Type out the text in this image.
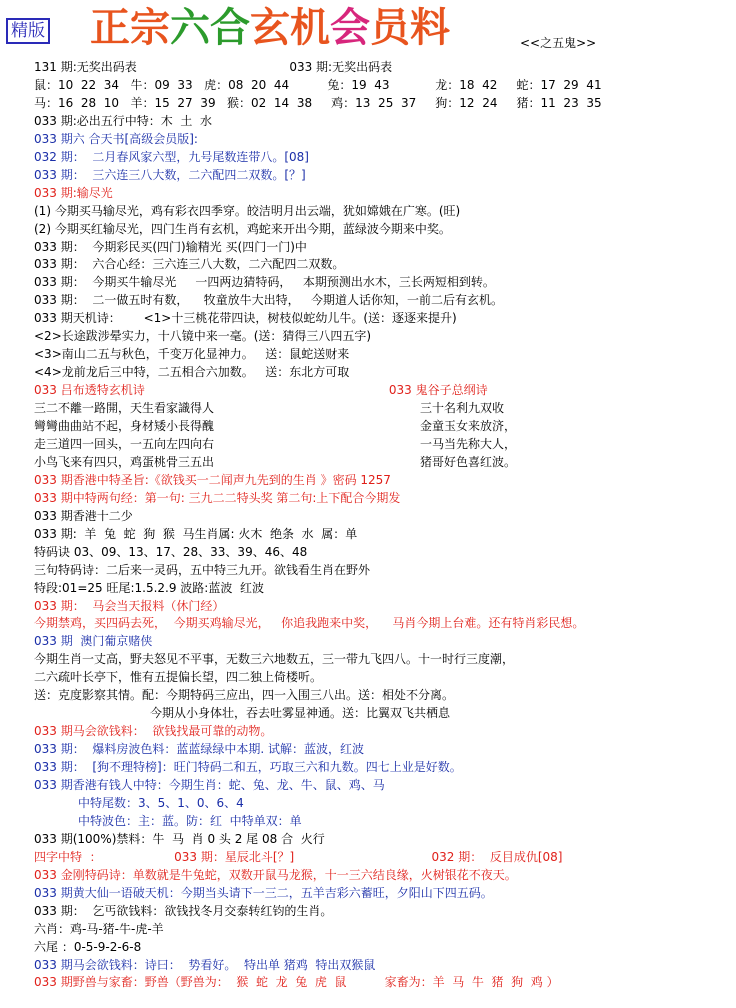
精版 正宗六合玄机会员料	<<之五鬼>>
131 期:无奖出码表                                        033 期:无奖出码表
鼠：10  22  34   牛：09  33   虎：08  20  44          兔：19  43            龙：18  42     蛇：17  29  41
马：16  28  10   羊：15  27  39   猴：02  14  38     鸡：13  25  37     狗：12  24     猪：11  23  35
033 期:必出五行中特：木  土  水
033 期六 合天书[高级会员版]:
032 期：  二月春风家六型，九号尾数连带八。[08]
033 期：  三六连三八大数，二六配四二双数。[？]
033 期:输尽光
(1) 今期买马输尽光，鸡有彩衣四季穿。皎洁明月出云端，犹如嫦娥在广寒。(旺)
(2) 今期买红输尽光，四门生肖有玄机，鸡蛇来开出今期，蓝绿波今期来中奖。
033 期：  今期彩民买(四门)输精光 买(四门一门)中
033 期：  六合心经：三六连三八大数，二六配四二双数。
033 期：  今期买牛输尽光     一四两边猜特码，   本期预测出水木，三长两短相到转。
033 期：  二一做五时有数，    牧童放牛大出特，   今期道人话你知，一前二后有玄机。
033 期天机诗：      <1>十三桃花带四诀，树枝似蛇幼儿牛。(送：逐逐来提升)
<2>长途跋涉晕实力，十八镜中来一毫。(送：猜得三八四五字)
<3>南山二五与秋色，千变万化显神力。   送：鼠蛇送财来
<4>龙前龙后三中特，二五相合六加数。   送：东北方可取
033 吕布透特玄机诗                                                                033 鬼谷子总纲诗
三二不離一路開，天生看家識得人                                                      三十名利九双收
彎彎曲曲站不起，身材矮小長得醜                                                      金童玉女来放济，
走三道四一回头，一五向左四向右                                                      一马当先称大人，
小鸟飞来有四只，鸡蛋桃骨三五出                                                      猪哥好色喜红波。
033 期香港中特圣旨:《欲钱买一二闻声九先到的生肖 》密码 1257
033 期中特两句经：第一句: 三九二二特头奖 第二句:上下配合今期发
033 期香港十二少
033 期:  羊  兔  蛇  狗  猴  马生肖属: 火木  绝条  水  属：单
特码诀 03、09、13、17、28、33、39、46、48
三句特码诗：二后来一灵码，五中特三九开。欲钱看生肖在野外
特段:01=25 旺尾:1.5.2.9 波路:蓝波  红波
033 期：  马会当天报料（休门经）
今期禁鸡，买四码去死，  今期买鸡输尽光，   你追我跑来中奖，    马肖今期上台难。还有特肖彩民想。
033 期  澳门葡京赌侠
今期生肖一丈高，野夫怒见不平事，无数三六地数五，三一带九飞四八。十一时行三度潮，
二六疏叶长亭下，惟有五提偏长望，四二独上倚楼听。
送：克度影察其情。配：今期特码三应出，四一入围三八出。送：相处不分离。
今期从小身体壮，吞去吐雾显神通。送：比翼双飞共栖息
033 期马会欲钱料：  欲钱找最可靠的动物。
033 期：  爆料房波色料：蓝蓝绿绿中本期. 试解：蓝波，红波
033 期：  [狗不理特榜]：旺门特码二和五，巧取三六和九数。四七上业是好数。
033 期香港有钱人中特：今期生肖：蛇、兔、龙、牛、鼠、鸡、马
中特尾数：3、5、1、0、6、4
中特波色：主：蓝。防：红  中特单双：单
033 期(100%)禁料：牛  马  肖 0 头 2 尾 08 合  火行
四字中特  ：                   033 期：星辰北斗[？]                                    032 期：  反目成仇[08]
033 金刚特码诗：单数就是牛兔蛇，双数开鼠马龙猴，十一三六结良缘，火树银花不夜天。
033 期黄大仙一语破天机：今期当头请下一三二，五羊吉彩六蓄旺，夕阳山下四五码。
033 期：  乞丐欲钱料：欲钱找冬月交泰转红钧的生肖。
六肖：鸡-马-猪-牛-虎-羊
六尾 ：0-5-9-2-6-8
033 期马会欲钱料：诗曰：  势看好。  特出单 猪鸡  特出双猴鼠
033 期野兽与家畜：野兽（野兽为：  猴  蛇  龙  兔  虎  鼠          家畜为：羊  马  牛  猪  狗  鸡 ）
